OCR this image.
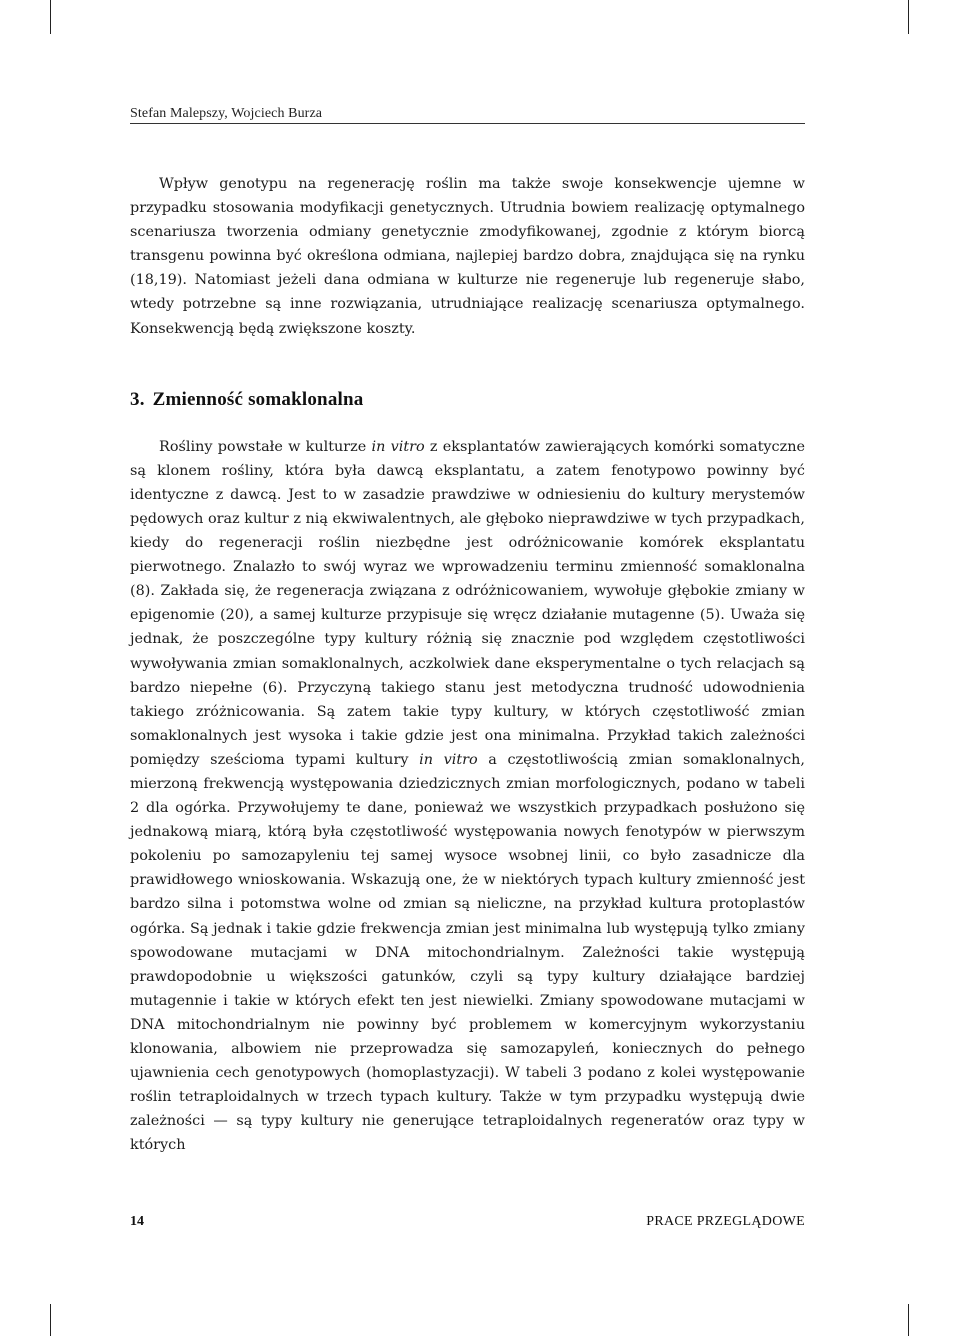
Stefan Malepszy, Wojciech Burza

Wpływ genotypu na regenerację roślin ma także swoje konsekwencje ujemne w przypadku stosowania modyfikacji genetycznych. Utrudnia bowiem realizację optymalnego scenariusza tworzenia odmiany genetycznie zmodyfikowanej, zgodnie z którym biorcą transgenu powinna być określona odmiana, najlepiej bardzo dobra, znajdująca się na rynku (18,19). Natomiast jeżeli dana odmiana w kulturze nie regeneruje lub regeneruje słabo, wtedy potrzebne są inne rozwiązania, utrudniające realizację scenariusza optymalnego. Konsekwencją będą zwiększone koszty.

3. Zmienność somaklonalna

Rośliny powstałe w kulturze in vitro z eksplantatów zawierających komórki somatyczne są klonem rośliny, która była dawcą eksplantatu, a zatem fenotypowo powinny być identyczne z dawcą. Jest to w zasadzie prawdziwe w odniesieniu do kultury merystemów pędowych oraz kultur z nią ekwiwalentnych, ale głęboko nieprawdziwe w tych przypadkach, kiedy do regeneracji roślin niezbędne jest odróżnicowanie komórek eksplantatu pierwotnego. Znalazło to swój wyraz we wprowadzeniu terminu zmienność somaklonalna (8). Zakłada się, że regeneracja związana z odróżnicowaniem, wywołuje głębokie zmiany w epigenomie (20), a samej kulturze przypisuje się wręcz działanie mutagenne (5). Uważa się jednak, że poszczególne typy kultury różnią się znacznie pod względem częstotliwości wywoływania zmian somaklonalnych, aczkolwiek dane eksperymentalne o tych relacjach są bardzo niepełne (6). Przyczyną takiego stanu jest metodyczna trudność udowodnienia takiego zróżnicowania. Są zatem takie typy kultury, w których częstotliwość zmian somaklonalnych jest wysoka i takie gdzie jest ona minimalna. Przykład takich zależności pomiędzy sześcioma typami kultury in vitro a częstotliwością zmian somaklonalnych, mierzoną frekwencją występowania dziedzicznych zmian morfologicznych, podano w tabeli 2 dla ogórka. Przywołujemy te dane, ponieważ we wszystkich przypadkach posłużono się jednakową miarą, którą była częstotliwość występowania nowych fenotypów w pierwszym pokoleniu po samozapyleniu tej samej wysoce wsobnej linii, co było zasadnicze dla prawidłowego wnioskowania. Wskazują one, że w niektórych typach kultury zmienność jest bardzo silna i potomstwa wolne od zmian są nieliczne, na przykład kultura protoplastów ogórka. Są jednak i takie gdzie frekwencja zmian jest minimalna lub występują tylko zmiany spowodowane mutacjami w DNA mitochondrialnym. Zależności takie występują prawdopodobnie u większości gatunków, czyli są typy kultury działające bardziej mutagennie i takie w których efekt ten jest niewielki. Zmiany spowodowane mutacjami w DNA mitochondrialnym nie powinny być problemem w komercyjnym wykorzystaniu klonowania, albowiem nie przeprowadza się samozapyleń, koniecznych do pełnego ujawnienia cech genotypowych (homoplastyzacji). W tabeli 3 podano z kolei występowanie roślin tetraploidalnych w trzech typach kultury. Także w tym przypadku występują dwie zależności — są typy kultury nie generujące tetraploidalnych regeneratów oraz typy w których

14	PRACE PRZEGLĄDOWE
